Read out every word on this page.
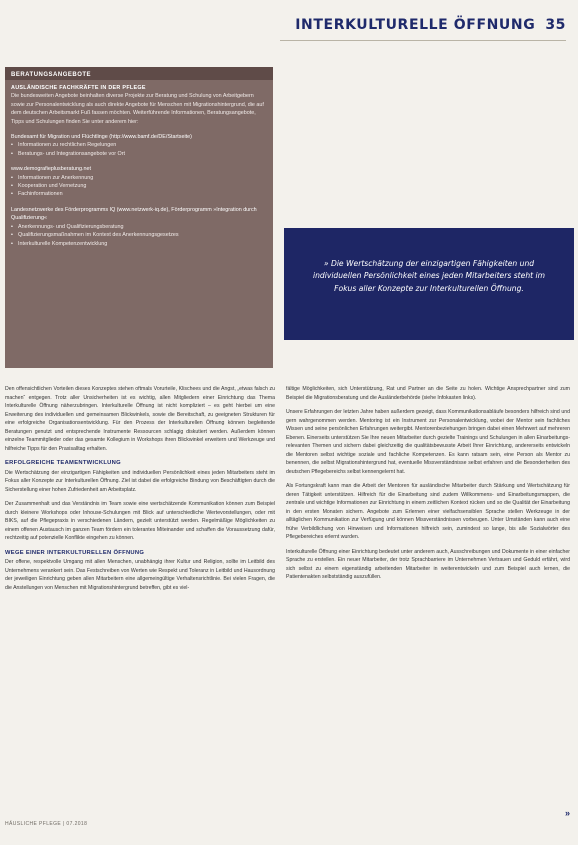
INTERKULTURELLE ÖFFNUNG 35
BERATUNGSANGEBOTE
AUSLÄNDISCHE FACHKRÄFTE IN DER PFLEGE

Die bundesweiten Angebote beinhalten diverse Projekte zur Beratung und Schulung von Arbeitgebern sowie zur Personalentwicklung als auch direkte Angebote für Menschen mit Migrationshintergrund, die auf dem deutschen Arbeitsmarkt Fuß fassen möchten. Weiterführende Informationen, Beratungsangebote, Tipps und Schulungen finden Sie unter anderem hier:

Bundesamt für Migration und Flüchtlinge (http://www.bamf.de/DE/Startseite)
• Informationen zu rechtlichen Regelungen
• Beratungs- und Integrationsangebote vor Ort
www.demografieplusberatung.net
• Informationen zur Anerkennung
• Kooperation und Vernetzung
• Fachinformationen
Landesnetzwerke des Förderprogramms IQ (www.netzwerk-iq.de), Förderprogramm »Integration durch Qualifizierung«
• Anerkennungs- und Qualifizierungsberatung
• Qualifizierungsmaßnahmen im Kontext des Anerkennungsgesetzes
• Interkulturelle Kompetenzentwicklung
» Die Wertschätzung der einzigartigen Fähigkeiten und individuellen Persönlichkeit eines jeden Mitarbeiters steht im Fokus aller Konzepte zur Interkulturellen Öffnung.

Den offensichtlichen Vorteilen dieses Konzeptes stehen oftmals Vorurteile, Klischees und die Angst, „etwas falsch zu machen“ entgegen. Trotz aller Unsicherheiten ist es wichtig, allen Mitgliedern einer Einrichtung das Thema Interkulturelle Öffnung näherzubringen. Interkulturelle Öffnung ist nicht kompliziert – es geht hierbei um eine Erweiterung des individuellen und gemeinsamen Blickwinkels, sowie die Bereitschaft, zu geeigneten Strukturen für eine erfolgreiche Organisationsentwicklung. Für den Prozess der Interkulturellen Öffnung können begleitende Beratungen genutzt und entsprechende Instrumente Ressourcen schlagig diskutiert werden. Außerdem können einzelne Teammitglieder oder das gesamte Kollegium in Workshops ihren Blickwinkel erweitern und Werkzeuge und hilfreiche Tipps für den Praxisalltag erhalten.

ERFOLGREICHE TEAMENTWICKLUNG

Die Wertschätzung der einzigartigen Fähigkeiten und individuellen Persönlichkeit eines jeden Mitarbeiters steht im Fokus aller Konzepte zur Interkulturellen Öffnung. Ziel ist dabei die erfolgreiche Bindung von Beschäftigten durch die Sicherstellung einer hohen Zufriedenheit am Arbeitsplatz.

Der Zusammenhalt und das Verständnis im Team sowie eine wertschätzende Kommunikation können zum Beispiel durch kleinere Workshops oder Inhouse-Schulungen mit Blick auf unterschiedliche Wertevorstellungen, oder mit BIKS, auf die Pflegepraxis in verschiedenen Ländern, gezielt unterstützt werden. Regelmäßige Möglichkeiten zu einem offenen Austausch im ganzen Team fördern ein tolerantes Miteinander und schaffen die Voraussetzung dafür, rechtzeitig auf potenzielle Konflikte eingehen zu können.

WEGE EINER INTERKULTURELLEN ÖFFNUNG

Der offene, respektvolle Umgang mit allen Menschen, unabhängig ihrer Kultur und Religion, sollte im Leitbild des Unternehmens verankert sein. Das Festschreiben von Werten wie Respekt und Toleranz in Leitbild und Hausordnung der jeweiligen Einrichtung geben allen Mitarbeitern eine allgemeingültige Verhaltensrichtlinie. Bei vielen Fragen, die die Anstellungen von Menschen mit Migrationshintergrund betreffen, gibt es viel-

fältige Möglichkeiten, sich Unterstützung, Rat und Partner an die Seite zu holen. Wichtige Ansprechpartner sind zum Beispiel die Migrationsberatung und die Ausländerbehörde (siehe Infokasten links).

Unsere Erfahrungen der letzten Jahre haben außerdem gezeigt, dass Kommunikationsabläufe besonders hilfreich sind und gern wahrgenommen werden. Mentoring ist ein Instrument zur Personalentwicklung, wobei der Mentor sein fachliches Wissen und seine persönlichen Erfahrungen weitergibt. Mentorenbeziehungen bringen dabei einen Mehrwert auf mehreren Ebenen. Einerseits unterstützen Sie Ihre neuen Mitarbeiter durch gezielte Trainings und Schulungen in allen Einarbeitungs-relevanten Themen und sichern dabei gleichzeitig die qualitätsbewusste Arbeit Ihrer Einrichtung, andererseits entwickeln die Mentoren selbst wichtige soziale und fachliche Kompetenzen. Es kann ratsam sein, eine Person als Mentor zu benennen, die selbst Migrationshintergrund hat, eventuelle Missverständnisse selbst erfahren und die Besonderheiten des deutschen Pflegebereichs selbst kennengelernt hat.

Als Fortungskraft kann man die Arbeit der Mentoren für ausländische Mitarbeiter durch Stärkung und Wertschätzung für deren Tätigkeit unterstützen. Hilfreich für die Einarbeitung sind zudem Willkommens- und Einarbeitungsmappen, die zentrale und wichtige Informationen zur Einrichtung in einem zeitlichen Kontext rücken und so die Qualität der Einarbeitung in den ersten Monaten sichern. Angebote zum Erlernen einer vielfachsensiblen Sprache stellen Werkzeuge in der alltäglichen Kommunikation zur Verfügung und können Missverständnissen vorbeugen. Unter Umständen kann auch eine frühe Verbildlichung von Hinweisen und Informationen hilfreich sein, zumindest so lange, bis alle Sozialwörter des Pflegebereiches erlernt wurden.

Interkulturelle Öffnung einer Einrichtung bedeutet unter anderem auch, Ausschreibungen und Dokumente in einer einfacher Sprache zu erstellen. Ein neuer Mitarbeiter, der trotz Sprachbarriere im Unternehmen Vertrauen und Geduld erfährt, wird sich selbst zu einem eigenständig arbeitenden Mitarbeiter in weiterentwickeln und zum Beispiel auch lernen, die Patientenakten selbstständig auszufüllen.

»
HÄUSLICHE PFLEGE | 07.2018
